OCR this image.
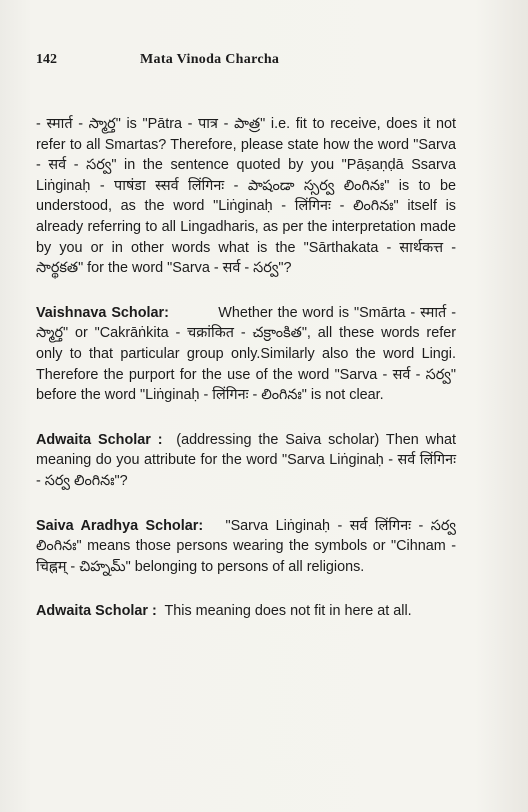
142	Mata Vinoda Charcha

- स्मार्त - స్మార్త" is "Pātra - पात्र - పాత్ర" i.e. fit to receive, does it not refer to all Smartas? Therefore, please state how the word "Sarva - सर्व - సర్వ" in the sentence quoted by you "Pāṣaṇḍā Ssarva Liṅginaḥ - पाषंडा स्सर्व लिंगिनः - పాషండా స్సర్వ లింగినః" is to be understood, as the word "Liṅginaḥ - लिंगिनः - లింగినః" itself is already referring to all Lingadharis, as per the interpretation made by you or in other words what is the "Sārthakata - सार्थकत्त - సార్థకత" for the word "Sarva - सर्व - సర్వ"?

Vaishnava Scholar:	Whether the word is "Smārta - स्मार्त - స్మార్త" or "Cakrāṅkita - चक्रांकित - చక్రాంకిత", all these words refer only to that particular group only.Similarly also the word Lingi. Therefore the purport for the use of the word "Sarva - सर्व - సర్వ" before the word "Liṅginaḥ - लिंगिनः - లింగినః" is not clear.

Adwaita Scholar : (addressing the Saiva scholar) Then what meaning do you attribute for the word "Sarva Liṅginaḥ - सर्व लिंगिनः - సర్వ లింగినః"?

Saiva Aradhya Scholar: "Sarva Liṅginaḥ - सर्व लिंगिनः - సర్వ లింగినః" means those persons wearing the symbols or "Cihnam - चिह्नम् - చిహ్నమ్" belonging to persons of all religions.

Adwaita Scholar : This meaning does not fit in here at all.
